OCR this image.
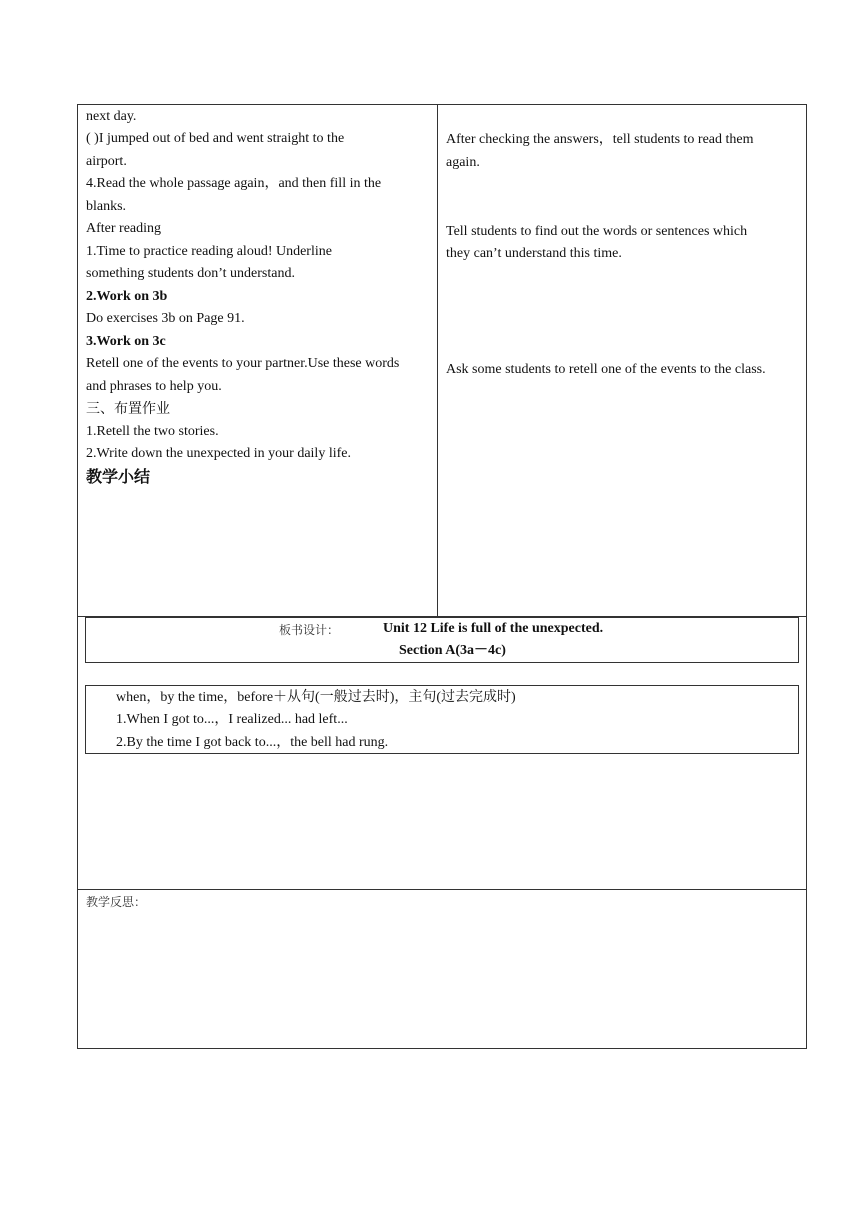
next day.
( )I jumped out of bed and went straight to the
airport.
4.Read the whole passage again，and then fill in the
blanks.
After reading
1.Time to practice reading aloud! Underline
something students don’t understand.
2.Work on 3b
Do exercises 3b on Page 91.
3.Work on 3c
Retell one of the events to your partner.Use these words
and phrases to help you.
三、布置作业
1.Retell the two stories.
2.Write down the unexpected in your daily life.
教学小结
After checking the answers，tell students to read them
again.
Tell students to find out the words or sentences which
they can’t understand this time.
Ask some students to retell one of the events to the class.
板书设计：	Unit 12 Life is full of the unexpected.
Section A(3a－4c)
when，by the time，before＋从句(一般过去时)，主句(过去完成时)
1.When I got to...，I realized... had left...
2.By the time I got back to...，the bell had rung.
教学反思：
